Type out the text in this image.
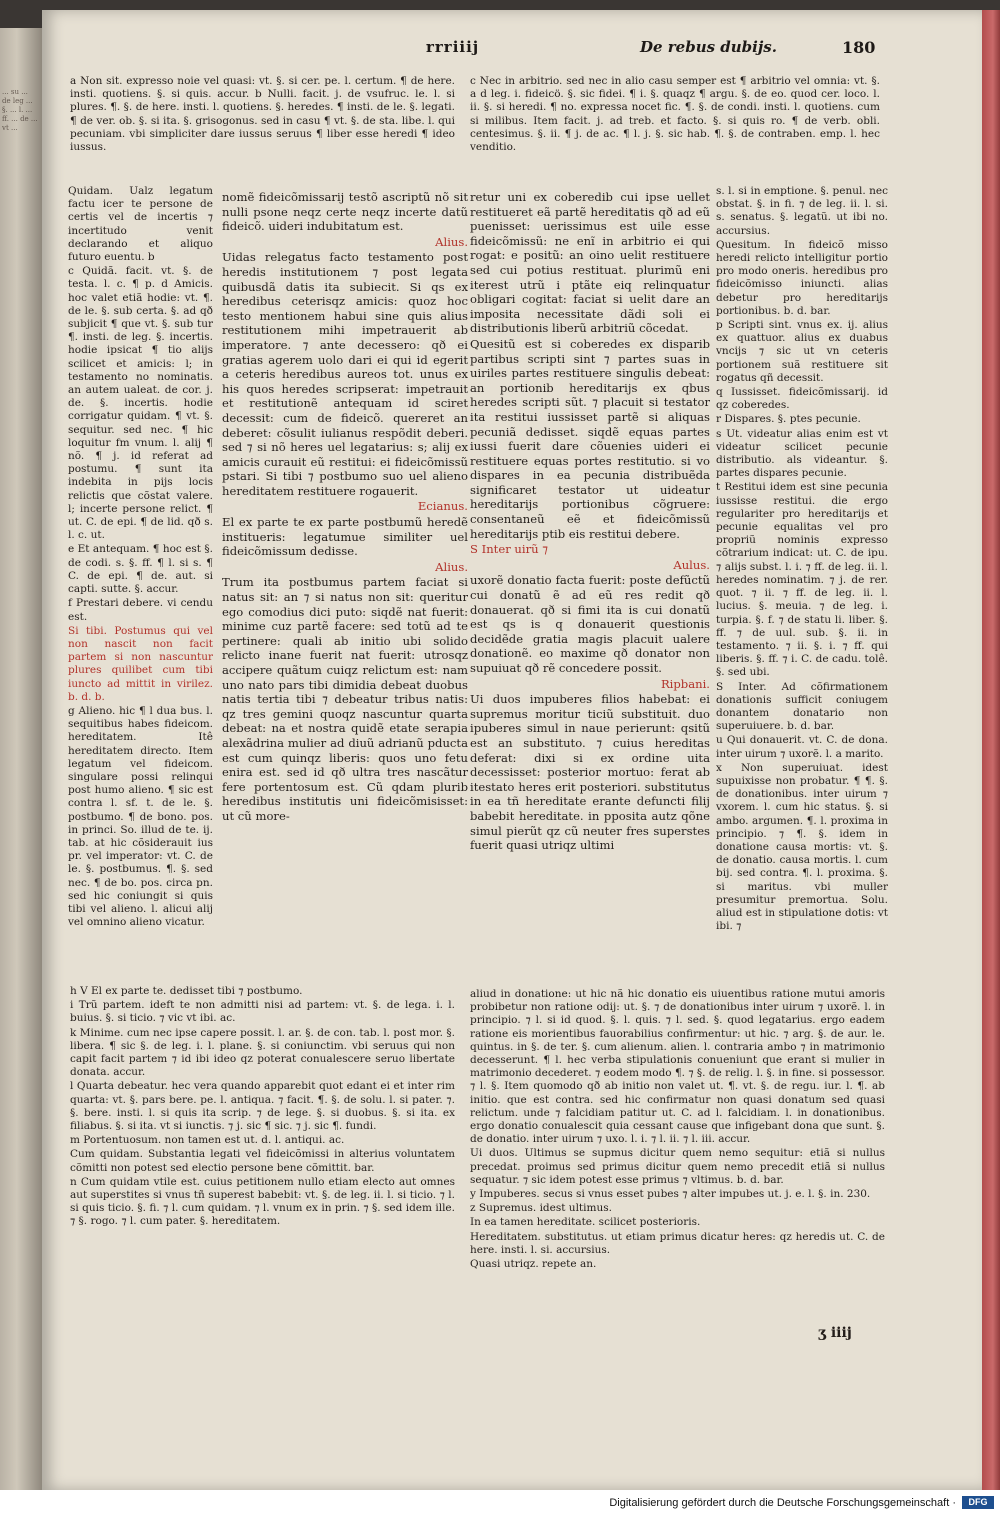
... su ... de leg ... §. ... l. ... ff. ... de ... vt ...
rrriiij	De rebus dubijs.	180

a Non sit. expresso noie vel quasi: vt. §. si cer. pe. l. certum. ¶ de here. insti. quotiens. §. si quis. accur. b Nulli. facit. j. de vsufruc. le. l. si plures. ¶. §. de here. insti. l. quotiens. §. heredes. ¶ insti. de le. §. legati. ¶ de ver. ob. §. si ita. §. grisogonus. sed in casu ¶ vt. §. de sta. libe. l. qui pecuniam. vbi simpliciter dare iussus seruus ¶ liber esse heredi ¶ ideo iussus.

c Nec in arbitrio. sed nec in alio casu semper est ¶ arbitrio vel omnia: vt. §. a d leg. i. fideicö. §. sic fidei. ¶ i. §. quaqz ¶ argu. §. de eo. quod cer. loco. l. ii. §. si heredi. ¶ no. expressa nocet fic. ¶. §. de condi. insti. l. quotiens. cum si milibus. Item facit. j. ad treb. et facto. §. si quis ro. ¶ de verb. obli. centesimus. §. ii. ¶ j. de ac. ¶ l. j. §. sic hab. ¶. §. de contraben. emp. l. hec venditio.

Quidam. Ualz legatum factu icer te persone de certis vel de incertis ⁊ incertitudo venit declarando et aliquo futuro euentu. b

c Quidã. facit. vt. §. de testa. l. c. ¶ p. d Amicis. hoc valet etiã hodie: vt. ¶. de le. §. sub certa. §. ad qð subjicit ¶ que vt. §. sub tur ¶. insti. de leg. §. incertis. hodie ipsicat ¶ tio alijs scilicet et amicis: l; in testamento no nominatis. an autem ualeat. de cor. j. de. §. incertis. hodie corrigatur quidam. ¶ vt. §. sequitur. sed nec. ¶ hic loquitur fm vnum. l. alij ¶ nõ. ¶ j. id referat ad postumu. ¶ sunt ita indebita in pijs locis relictis que cõstat valere. l; incerte persone relict. ¶ ut. C. de epi. ¶ de lid. qð s. l. c. ut.

e Et antequam. ¶ hoc est §. de codi. s. §. ff. ¶ l. si s. ¶ C. de epi. ¶ de. aut. si capti. sutte. §. accur.

f Prestari debere. vi cendu est.

Si tibi. Postumus qui vel non nascit non facit partem si non nascuntur plures quilibet cum tibi iuncto ad mittit in virilez. b. d. b.

g Alieno. hic ¶ l dua bus. l. sequitibus habes fideicom. hereditatem. Itê hereditatem directo. Item legatum vel fideicom. singulare possi relinqui post humo alieno. ¶ sic est contra l. sf. t. de le. §. postbumo. ¶ de bono. pos. in princi. So. illud de te. ij. tab. at hic cõsiderauit ius pr. vel imperator: vt. C. de le. §. postbumus. ¶. §. sed nec. ¶ de bo. pos. circa pn. sed hic coniungit si quis tibi vel alieno. l. alicui alij vel omnino alieno vicatur.

nomẽ fideicõmissarij testõ ascriptũ nõ sit nulli psone neqz certe neqz incerte datũ fideicõ. uideri indubitatum est.

Alius.

Uidas relegatus facto testamento post heredis institutionem ⁊ post legata quibusdã datis ita subiecit. Si qs ex heredibus ceterisqz amicis: quoz hoc testo mentionem habui sine quis alius restitutionem mihi impetrauerit ab imperatore. ⁊ ante decessero: qð ei gratias agerem uolo dari ei qui id egerit a ceteris heredibus aureos tot. unus ex his quos heredes scripserat: impetrauit et restitutionẽ antequam id sciret decessit: cum de fideicõ. quereret an deberet: cõsulit iulianus respõdit deberi. sed ⁊ si nõ heres uel legatarius: s; alij ex amicis curauit eũ restitui: ei fideicõmissũ pstari. Si tibi ⁊ postbumo suo uel alieno hereditatem restituere rogauerit.

Ecianus.

El ex parte te ex parte postbumũ heredẽ institueris: legatumue similiter uel fideicõmissum dedisse.

Alius.

Trum ita postbumus partem faciat si natus sit: an ⁊ si natus non sit: queritur ego comodius dici puto: siqdẽ nat fuerit: minime cuz partẽ facere: sed totũ ad te pertinere: quali ab initio ubi solido relicto inane fuerit nat fuerit: utrosqz accipere quãtum cuiqz relictum est: nam uno nato pars tibi dimidia debeat duobus natis tertia tibi ⁊ debeatur tribus natis: qz tres gemini quoqz nascuntur quarta debeat: na et nostra quidẽ etate serapia alexãdrina mulier ad diuũ adrianũ pducta est cum quinqz liberis: quos uno fetu enira est. sed id qð ultra tres nascãtur fere portentosum est. Cũ qdam plurib heredibus institutis uni fideicõmisisset: ut cũ more-

retur uni ex coberedib cui ipse uellet restitueret eã partẽ hereditatis qð ad eũ puenisset: uerissimus est uile esse fideicõmissũ: ne enĩ in arbitrio ei qui rogat: e positũ: an oino uelit restituere sed cui potius restituat. plurimũ eni iterest utrũ i ptãte eiq relinquatur obligari cogitat: faciat si uelit dare an imposita necessitate dãdi soli ei distributionis liberũ arbitriũ cõcedat.

Quesitũ est si coberedes ex disparib partibus scripti sint ⁊ partes suas in uiriles partes restituere singulis debeat: an portionib hereditarijs ex qbus heredes scripti sũt. ⁊ placuit si testator ita restitui iussisset partẽ si aliquas pecuniã dedisset. siqdẽ equas partes iussi fuerit dare cõuenies uideri ei restituere equas portes restitutio. si vo dispares in ea pecunia distribuẽda significaret testator ut uideatur hereditarijs portionibus cõgruere: consentaneũ eẽ et fideicõmissũ hereditarijs ptib eis restitui debere.

S Inter uirũ ⁊

Aulus.

uxorẽ donatio facta fuerit: poste defũctũ cui donatũ ẽ ad eũ res redit qð donauerat. qð si fimi ita is cui donatũ est qs is q donauerit questionis decidẽde gratia magis placuit ualere donationẽ. eo maxime qð donator non supuiuat qð rẽ concedere possit.

Ripbani.

Ui duos impuberes filios habebat: ei supremus moritur ticiũ substituit. duo ipuberes simul in naue perierunt: qsitũ est an substituto. ⁊ cuius hereditas deferat: dixi si ex ordine uita decessisset: posterior mortuo: ferat ab itestato heres erit posteriori. substitutus in ea tñ hereditate erante defuncti filij babebit hereditate. in pposita autz qõne simul pierũt qz cũ neuter fres superstes fuerit quasi utriqz ultimi

s. l. si in emptione. §. penul. nec obstat. §. in fi. ⁊ de leg. ii. l. si. s. senatus. §. legatũ. ut ibi no. accursius.

Quesitum. In fideicõ misso heredi relicto intelligitur portio pro modo oneris. heredibus pro fideicõmisso iniuncti. alias debetur pro hereditarijs portionibus. b. d. bar.

p Scripti sint. vnus ex. ij. alius ex quattuor. alius ex duabus vncijs ⁊ sic ut vn ceteris portionem suã restituere sit rogatus qñ decessit.

q Iussisset. fideicõmissarij. id qz coberedes.

r Dispares. §. ptes pecunie.

s Ut. videatur alias enim est vt videatur scilicet pecunie distributio. als videantur. §. partes dispares pecunie.

t Restitui idem est sine pecunia iussisse restitui. die ergo regulariter pro hereditarijs et pecunie equalitas vel pro propriũ nominis expresso cõtrarium indicat: ut. C. de ipu. ⁊ alijs subst. l. i. ⁊ ff. de leg. ii. l. heredes nominatim. ⁊ j. de rer. quot. ⁊ ii. ⁊ ff. de leg. ii. l. lucius. §. meuia. ⁊ de leg. i. turpia. §. f. ⁊ de statu li. liber. §. ff. ⁊ de uul. sub. §. ii. in testamento. ⁊ ii. §. i. ⁊ ff. qui liberis. §. ff. ⁊ i. C. de cadu. tolê. §. sed ubi.

S Inter. Ad cõfirmationem donationis sufficit coniugem donantem donatario non superuiuere. b. d. bar.

u Qui donauerit. vt. C. de dona. inter uirum ⁊ uxorẽ. l. a marito.

x Non superuiuat. idest supuixisse non probatur. ¶ ¶. §. de donationibus. inter uirum ⁊ vxorem. l. cum hic status. §. si ambo. argumen. ¶. l. proxima in principio. ⁊ ¶. §. idem in donatione causa mortis: vt. §. de donatio. causa mortis. l. cum bij. sed contra. ¶. l. proxima. §. si maritus. vbi muller presumitur premortua. Solu. aliud est in stipulatione dotis: vt ibi. ⁊

h V El ex parte te. dedisset tibi ⁊ postbumo.

i Trũ partem. ideft te non admitti nisi ad partem: vt. §. de lega. i. l. buius. §. si ticio. ⁊ vic vt ibi. ac.

k Minime. cum nec ipse capere possit. l. ar. §. de con. tab. l. post mor. §. libera. ¶ sic §. de leg. i. l. plane. §. si coniunctim. vbi seruus qui non capit facit partem ⁊ id ibi ideo qz poterat conualescere seruo libertate donata. accur.

l Quarta debeatur. hec vera quando apparebit quot edant ei et inter rim quarta: vt. §. pars bere. pe. l. antiqua. ⁊ facit. ¶. §. de solu. l. si pater. ⁊. §. bere. insti. l. si quis ita scrip. ⁊ de lege. §. si duobus. §. si ita. ex filiabus. §. si ita. vt si iunctis. ⁊ j. sic ¶ sic. ⁊ j. sic ¶. fundi.

m Portentuosum. non tamen est ut. d. l. antiqui. ac.

Cum quidam. Substantia legati vel fideicõmissi in alterius voluntatem cõmitti non potest sed electio persone bene cõmittit. bar.

n Cum quidam vtile est. cuius petitionem nullo etiam electo aut omnes aut superstites si vnus tñ superest babebit: vt. §. de leg. ii. l. si ticio. ⁊ l. si quis ticio. §. fi. ⁊ l. cum quidam. ⁊ l. vnum ex in prin. ⁊ §. sed idem ille. ⁊ §. rogo. ⁊ l. cum pater. §. hereditatem.

aliud in donatione: ut hic nã hic donatio eis uiuentibus ratione mutui amoris probibetur non ratione odij: ut. §. ⁊ de donationibus inter uirum ⁊ uxorẽ. l. in principio. ⁊ l. si id quod. §. l. quis. ⁊ l. sed. §. quod legatarius. ergo eadem ratione eis morientibus fauorabilius confirmentur: ut hic. ⁊ arg. §. de aur. le. quintus. in §. de ter. §. cum alienum. alien. l. contraria ambo ⁊ in matrimonio decesserunt. ¶ l. hec verba stipulationis conueniunt que erant si mulier in matrimonio decederet. ⁊ eodem modo ¶. ⁊ §. de relig. l. §. in fine. si possessor. ⁊ l. §. Item quomodo qð ab initio non valet ut. ¶. vt. §. de regu. iur. l. ¶. ab initio. que est contra. sed hic confirmatur non quasi donatum sed quasi relictum. unde ⁊ falcidiam patitur ut. C. ad l. falcidiam. l. in donationibus. ergo donatio conualescit quia cessant cause que infigebant dona que sunt. §. de donatio. inter uirum ⁊ uxo. l. i. ⁊ l. ii. ⁊ l. iii. accur.

Ui duos. Ultimus se supmus dicitur quem nemo sequitur: etiã si nullus precedat. proimus sed primus dicitur quem nemo precedit etiã si nullus sequatur. ⁊ sic idem potest esse primus ⁊ vltimus. b. d. bar.

y Impuberes. secus si vnus esset pubes ⁊ alter impubes ut. j. e. l. §. in. 230.

z Supremus. idest ultimus.

In ea tamen hereditate. scilicet posterioris.

Hereditatem. substitutus. ut etiam primus dicatur heres: qz heredis ut. C. de here. insti. l. si. accursius.

Quasi utriqz. repete an.

ʒ iiij
Digitalisierung gefördert durch die Deutsche Forschungsgemeinschaft ·	DFG
